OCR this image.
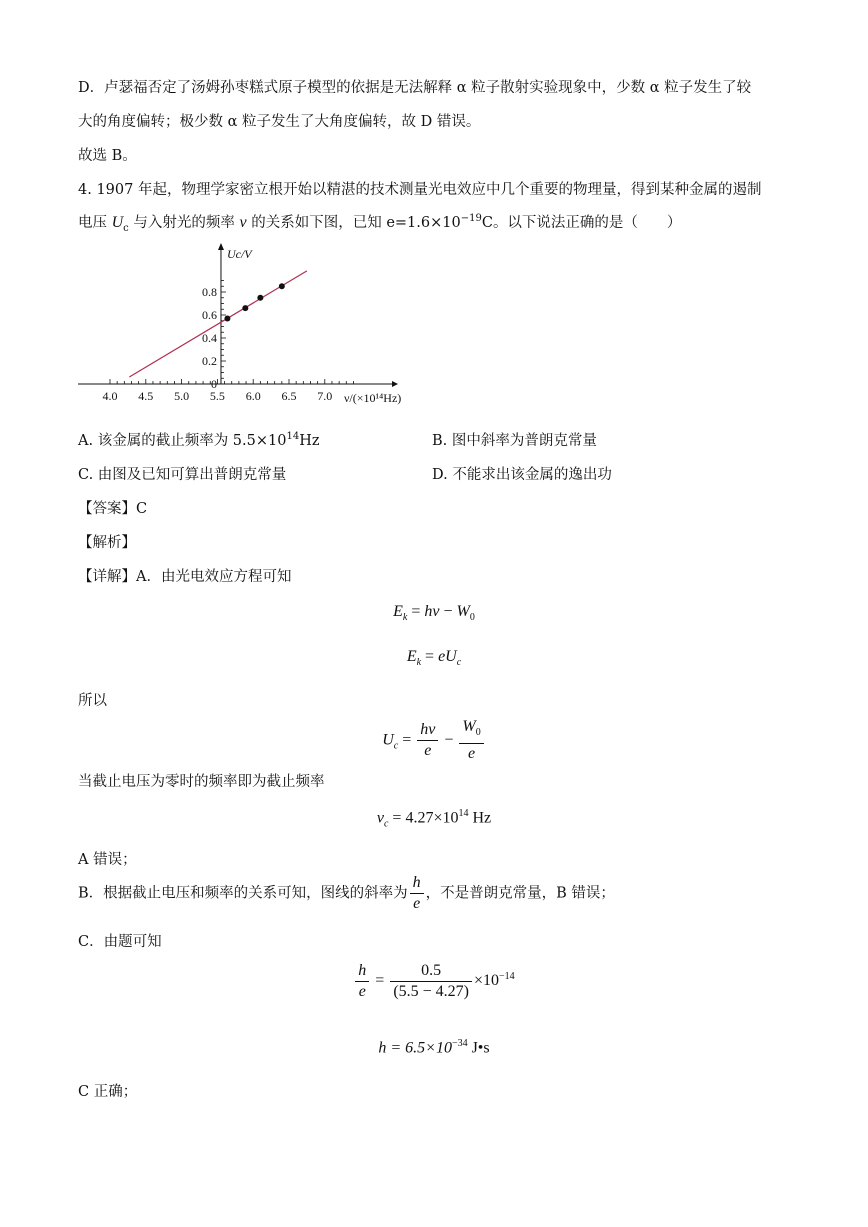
D．卢瑟福否定了汤姆孙枣糕式原子模型的依据是无法解释 α 粒子散射实验现象中，少数 α 粒子发生了较
大的角度偏转；极少数 α 粒子发生了大角度偏转，故 D 错误。
故选 B。
4. 1907 年起，物理学家密立根开始以精湛的技术测量光电效应中几个重要的物理量，得到某种金属的遏制
电压 $U_c$ 与入射光的频率 ν 的关系如下图，已知 $e=1.6\times 10^{-19}C$。以下说法正确的是（　　）
4.0 4.5 5.0 5.5 6.0 6.5 7.0
0
0.2
0.4
0.6
0.8
Uc/V
ν/(×10¹⁴Hz)
A. 该金属的截止频率为 $5.5\times 10^{14}Hz$	B. 图中斜率为普朗克常量
C. 由图及已知可算出普朗克常量	D. 不能求出该金属的逸出功
【答案】C
【解析】
【详解】A．由光电效应方程可知
$E_k = h\nu - W_0$
$E_k = eU_c$
所以
$U_c = \frac{h\nu}{e} - \frac{W_0}{e}$
当截止电压为零时的频率即为截止频率
$\nu_c = 4.27\times 10^{14}$ Hz
A 错误；
B．根据截止电压和频率的关系可知，图线的斜率为 $\frac{h}{e}$ ，不是普朗克常量，B 错误；
C．由题可知
$\frac{h}{e} = \frac{0.5}{(5.5 - 4.27)} \times 10^{-14}$
$h = 6.5\times 10^{-34}$ J•s
C 正确；
